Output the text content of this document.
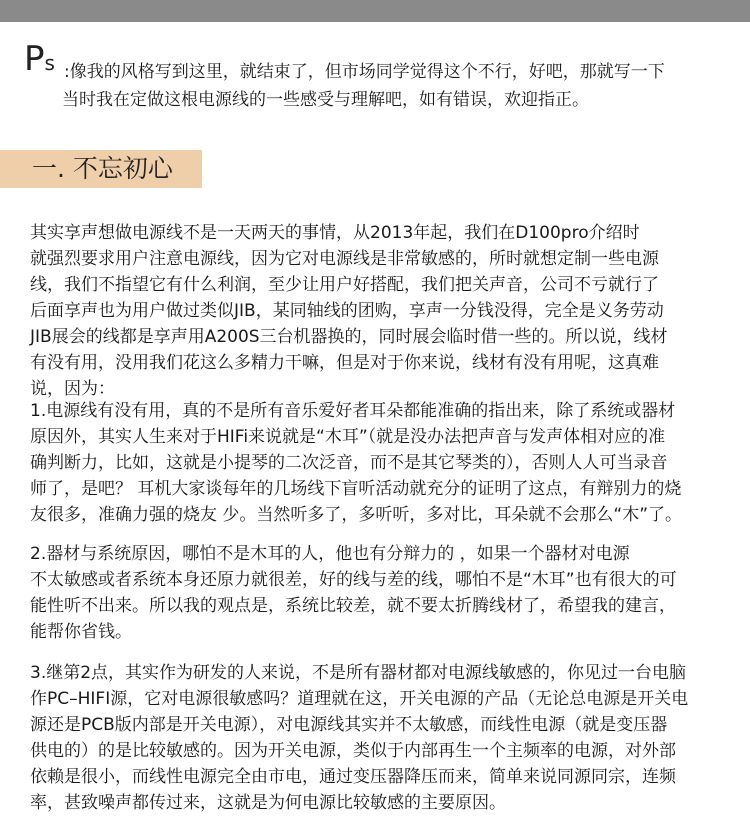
Ps :像我的风格写到这里，就结束了，但市场同学觉得这个不行，好吧，那就写一下
当时我在定做这根电源线的一些感受与理解吧，如有错误，欢迎指正。
一. 不忘初心
其实享声想做电源线不是一天两天的事情，从2013年起，我们在D100pro介绍时
就强烈要求用户注意电源线，因为它对电源线是非常敏感的，所时就想定制一些电源
线，我们不指望它有什么利润，至少让用户好搭配，我们把关声音，公司不亏就行了
后面享声也为用户做过类似JIB，某同轴线的团购，享声一分钱没得，完全是义务劳动
JIB展会的线都是享声用A200S三台机器换的，同时展会临时借一些的。所以说，线材
有没有用，没用我们花这么多精力干嘛，但是对于你来说，线材有没有用呢，这真难
说，因为：
1.电源线有没有用，真的不是所有音乐爱好者耳朵都能准确的指出来，除了系统或器材
原因外，其实人生来对于HIFi来说就是“木耳”（就是没办法把声音与发声体相对应的准
确判断力，比如，这就是小提琴的二次泛音，而不是其它琴类的），否则人人可当录音
师了，是吧？ 耳机大家谈每年的几场线下盲听活动就充分的证明了这点，有辩别力的烧
友很多，准确力强的烧友 少。当然听多了，多听听，多对比，耳朵就不会那么“木”了。
2.器材与系统原因，哪怕不是木耳的人，他也有分辩力的 ，如果一个器材对电源
不太敏感或者系统本身还原力就很差，好的线与差的线，哪怕不是“木耳”也有很大的可
能性听不出来。所以我的观点是，系统比较差，就不要太折腾线材了，希望我的建言，
能帮你省钱。
3.继第2点，其实作为研发的人来说，不是所有器材都对电源线敏感的，你见过一台电脑
作PC–HIFI源，它对电源很敏感吗？道理就在这，开关电源的产品（无论总电源是开关电
源还是PCB版内部是开关电源），对电源线其实并不太敏感，而线性电源（就是变压器
供电的）的是比较敏感的。因为开关电源，类似于内部再生一个主频率的电源，对外部
依赖是很小，而线性电源完全由市电，通过变压器降压而来，简单来说同源同宗，连频
率，甚致噪声都传过来，这就是为何电源比较敏感的主要原因。
